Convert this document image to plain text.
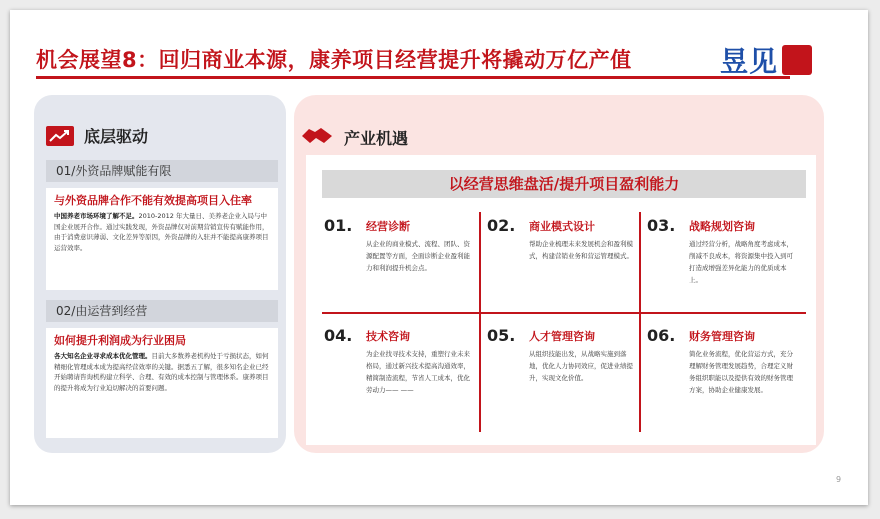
机会展望8：回归商业本源，康养项目经营提升将撬动万亿产值	昱见
底层驱动
01/外资品牌赋能有限
与外资品牌合作不能有效提高项目入住率
中国养老市场环境了解不足。2010-2012 年大量日、美养老企业入局与中国企业展开合作。通过实践发现，外资品牌仅对前期营销宣传有赋能作用，由于消费意识薄弱、文化差异等原因，外资品牌的入驻并不能提高康养项目运营效率。
02/由运营到经营
如何提升利润成为行业困局
各大知名企业寻求成本优化管理。目前大多数养老机构处于亏损状态，如何精细化管理成本成为提高经营效率的关键。据悉五了解，很多知名企业已经开始聘请咨询机构建立科学、合理、有效的成本控制与管理体系。康养项目的提升将成为行业迫切解决的首要问题。
产业机遇
以经营思维盘活/提升项目盈利能力
01. 经营诊断
从企业的商业模式、流程、团队、资源配置等方面，全面诊断企业盈利能力和利润提升机会点。
02. 商业模式设计
帮助企业梳理未来发展机会和盈利模式，构建营销业务和营运管理模式。
03. 战略规划咨询
通过经营分析，战略角度考虑成本，削减不良成本，将资源集中投入到可打造成增强差异化能力的优质成本上。
04. 技术咨询
为企业找寻技术支持，重塑行业未来格局，通过新兴技术提高沟通效率，精简制造流程，节省人工成本，优化劳动力—— ——
05. 人才管理咨询
从组织技能出发，从战略实施到落地，优化人力协同效应，促进业绩提升，实现文化价值。
06. 财务管理咨询
简化业务流程，优化营运方式，充分理解财务管理发展趋势，合理定义财务组织职能以及提供有效的财务管理方案，协助企业健康发展。
9
